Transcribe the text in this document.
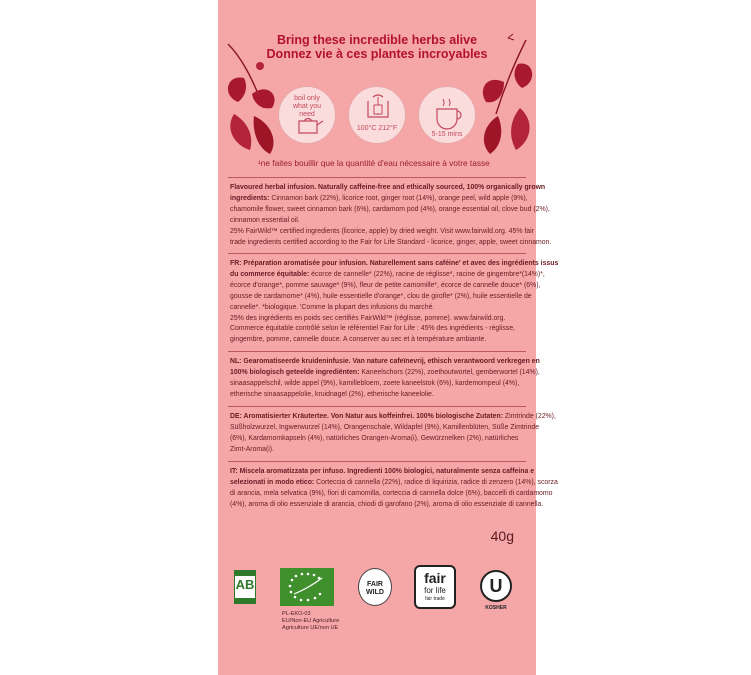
Bring these incredible herbs alive
Donnez vie à ces plantes incroyables
boil only what you need
100°C 212°F
5-15 mins
¹ne faites bouillir que la quantité d'eau nécessaire à votre tasse

Flavoured herbal infusion. Naturally caffeine-free and ethically sourced, 100% organically grown

ingredients: Cinnamon bark (22%), licorice root, ginger root (14%), orange peel, wild apple (9%),

chamomile flower, sweet cinnamon bark (6%), cardamom pod (4%), orange essential oil, clove bud (2%),

cinnamon essential oil.

25% FairWild™ certified ingredients (licorice, apple) by dried weight. Visit www.fairwild.org. 45% fair

trade ingredients certified according to the Fair for Life Standard - licorice, ginger, apple, sweet cinnamon.

FR: Préparation aromatisée pour infusion. Naturellement sans caféine' et avec des ingrédients issus

du commerce équitable: écorce de cannelle* (22%), racine de réglisse*, racine de gingembre*(14%)*,

écorce d'orange*, pomme sauvage* (9%), fleur de petite camomille*, écorce de cannelle douce* (6%),

gousse de cardamome* (4%), huile essentielle d'orange*, clou de girofle* (2%), huile essentielle de

cannelle*. *biologique. 'Comme la plupart des infusions du marché.

25% des ingrédients en poids sec certifiés FairWild™ (réglisse, pomme). www.fairwild.org.

Commerce équitable contrôlé selon le référentiel Fair for Life : 45% des ingrédients - réglisse,

gingembre, pomme, cannelle douce. A conserver au sec et à température ambiante.

NL: Gearomatiseerde kruideninfusie. Van nature cafeïnevrij, ethisch verantwoord verkregen en

100% biologisch geteelde ingrediënten: Kaneelschors (22%), zoethoutwortel, gemberwortel (14%),

sinaasappelschil, wilde appel (9%), kamillebloem, zoete kaneelstok (6%), kardemompeul (4%),

etherische sinaasappelolie, kruidnagel (2%), etherische kaneelolie.

DE: Aromatisierter Kräutertee. Von Natur aus koffeinfrei. 100% biologische Zutaten: Zimtrinde (22%),

Süßholzwurzel, Ingwerwurzel (14%), Orangenschale, Wildapfel (9%), Kamillenblüten, Süße Zimtrinde

(6%), Kardamomkapseln (4%), natürliches Orangen-Aroma(i), Gewürznelken (2%), natürliches

Zimt-Aroma(i).

IT: Miscela aromatizzata per infuso. Ingredienti 100% biologici, naturalmente senza caffeina e

selezionati in modo etico: Corteccia di cannella (22%), radice di liquirizia, radice di zenzero (14%), scorza

di arancia, mela selvatica (9%), fiori di camomilla, corteccia di cannella dolce (6%), baccelli di cardamomo

(4%), aroma di olio essenziale di arancia, chiodi di garofano (2%), aroma di olio essenziale di cannella.

40g
AB	FAIR WILD
fair
for life
fair trade
U
KOSHER
PL-EKO-03
EU/Non-EU Agriculture
Agriculture UE/non UE
